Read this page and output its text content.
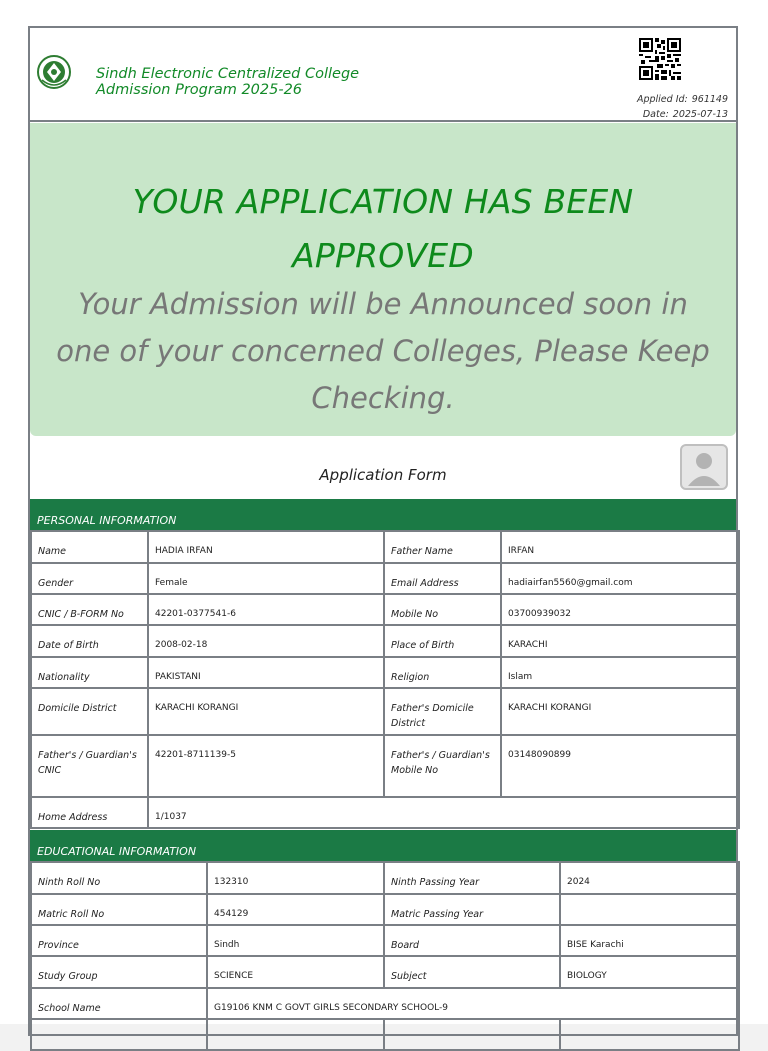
Sindh Electronic Centralized College
Admission Program 2025-26
Applied Id: 961149
Date: 2025-07-13
YOUR APPLICATION HAS BEEN APPROVED

Your Admission will be Announced soon in one of your concerned Colleges, Please Keep Checking.

Application Form
PERSONAL INFORMATION
Name	HADIA IRFAN	Father Name	IRFAN
Gender	Female	Email Address	hadiairfan5560@gmail.com
CNIC / B-FORM No	42201-0377541-6	Mobile No	03700939032
Date of Birth	2008-02-18	Place of Birth	KARACHI
Nationality	PAKISTANI	Religion	Islam
Domicile District	KARACHI KORANGI	Father's Domicile District	KARACHI KORANGI
Father's / Guardian's CNIC	42201-8711139-5	Father's / Guardian's Mobile No	03148090899
Home Address	1/1037		
EDUCATIONAL INFORMATION
Ninth Roll No	132310	Ninth Passing Year	2024
Matric Roll No	454129	Matric Passing Year	
Province	Sindh	Board	BISE Karachi
Study Group	SCIENCE	Subject	BIOLOGY
School Name	G19106 KNM C GOVT GIRLS SECONDARY SCHOOL-9		
